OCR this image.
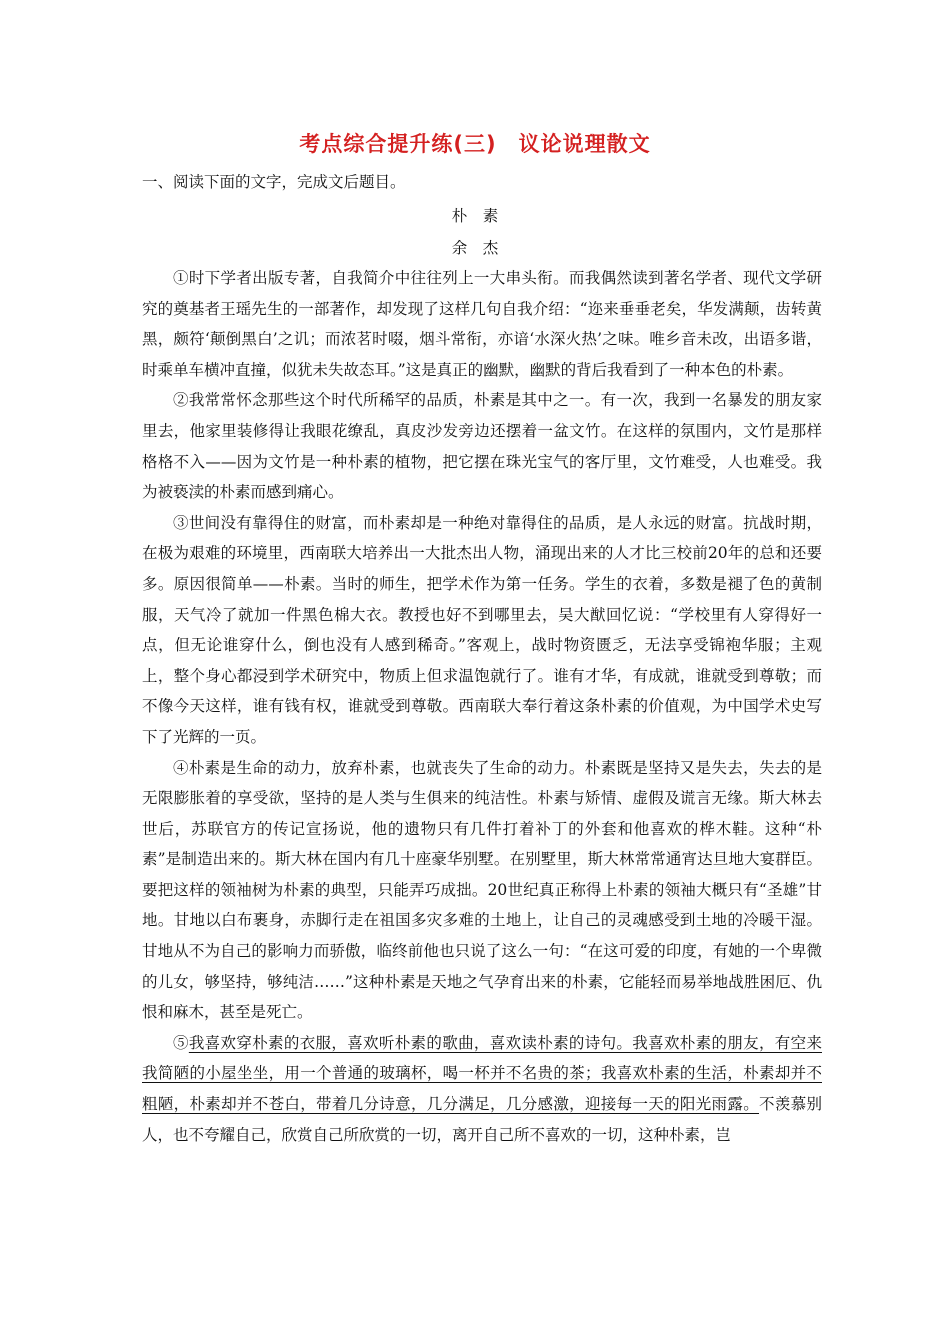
考点综合提升练(三)　议论说理散文
一、阅读下面的文字，完成文后题目。
朴　素
余　杰

①时下学者出版专著，自我简介中往往列上一大串头衔。而我偶然读到著名学者、现代文学研究的奠基者王瑶先生的一部著作，却发现了这样几句自我介绍：“迩来垂垂老矣，华发满颠，齿转黄黑，颇符‘颠倒黑白’之讥；而浓茗时啜，烟斗常衔，亦谙‘水深火热’之味。唯乡音未改，出语多谐，时乘单车横冲直撞，似犹未失故态耳。”这是真正的幽默，幽默的背后我看到了一种本色的朴素。

②我常常怀念那些这个时代所稀罕的品质，朴素是其中之一。有一次，我到一名暴发的朋友家里去，他家里装修得让我眼花缭乱，真皮沙发旁边还摆着一盆文竹。在这样的氛围内，文竹是那样格格不入——因为文竹是一种朴素的植物，把它摆在珠光宝气的客厅里，文竹难受，人也难受。我为被亵渎的朴素而感到痛心。

③世间没有靠得住的财富，而朴素却是一种绝对靠得住的品质，是人永远的财富。抗战时期，在极为艰难的环境里，西南联大培养出一大批杰出人物，涌现出来的人才比三校前20年的总和还要多。原因很简单——朴素。当时的师生，把学术作为第一任务。学生的衣着，多数是褪了色的黄制服，天气冷了就加一件黑色棉大衣。教授也好不到哪里去，吴大猷回忆说：“学校里有人穿得好一点，但无论谁穿什么，倒也没有人感到稀奇。”客观上，战时物资匮乏，无法享受锦袍华服；主观上，整个身心都浸到学术研究中，物质上但求温饱就行了。谁有才华，有成就，谁就受到尊敬；而不像今天这样，谁有钱有权，谁就受到尊敬。西南联大奉行着这条朴素的价值观，为中国学术史写下了光辉的一页。

④朴素是生命的动力，放弃朴素，也就丧失了生命的动力。朴素既是坚持又是失去，失去的是无限膨胀着的享受欲，坚持的是人类与生俱来的纯洁性。朴素与矫情、虚假及谎言无缘。斯大林去世后，苏联官方的传记宣扬说，他的遗物只有几件打着补丁的外套和他喜欢的桦木鞋。这种“朴素”是制造出来的。斯大林在国内有几十座豪华别墅。在别墅里，斯大林常常通宵达旦地大宴群臣。要把这样的领袖树为朴素的典型，只能弄巧成拙。20世纪真正称得上朴素的领袖大概只有“圣雄”甘地。甘地以白布裹身，赤脚行走在祖国多灾多难的土地上，让自己的灵魂感受到土地的冷暖干湿。甘地从不为自己的影响力而骄傲，临终前他也只说了这么一句：“在这可爱的印度，有她的一个卑微的儿女，够坚持，够纯洁……”这种朴素是天地之气孕育出来的朴素，它能轻而易举地战胜困厄、仇恨和麻木，甚至是死亡。

⑤我喜欢穿朴素的衣服，喜欢听朴素的歌曲，喜欢读朴素的诗句。我喜欢朴素的朋友，有空来我简陋的小屋坐坐，用一个普通的玻璃杯，喝一杯并不名贵的茶；我喜欢朴素的生活，朴素却并不粗陋，朴素却并不苍白，带着几分诗意，几分满足，几分感激，迎接每一天的阳光雨露。不羡慕别人，也不夸耀自己，欣赏自己所欣赏的一切，离开自己所不喜欢的一切，这种朴素，岂
